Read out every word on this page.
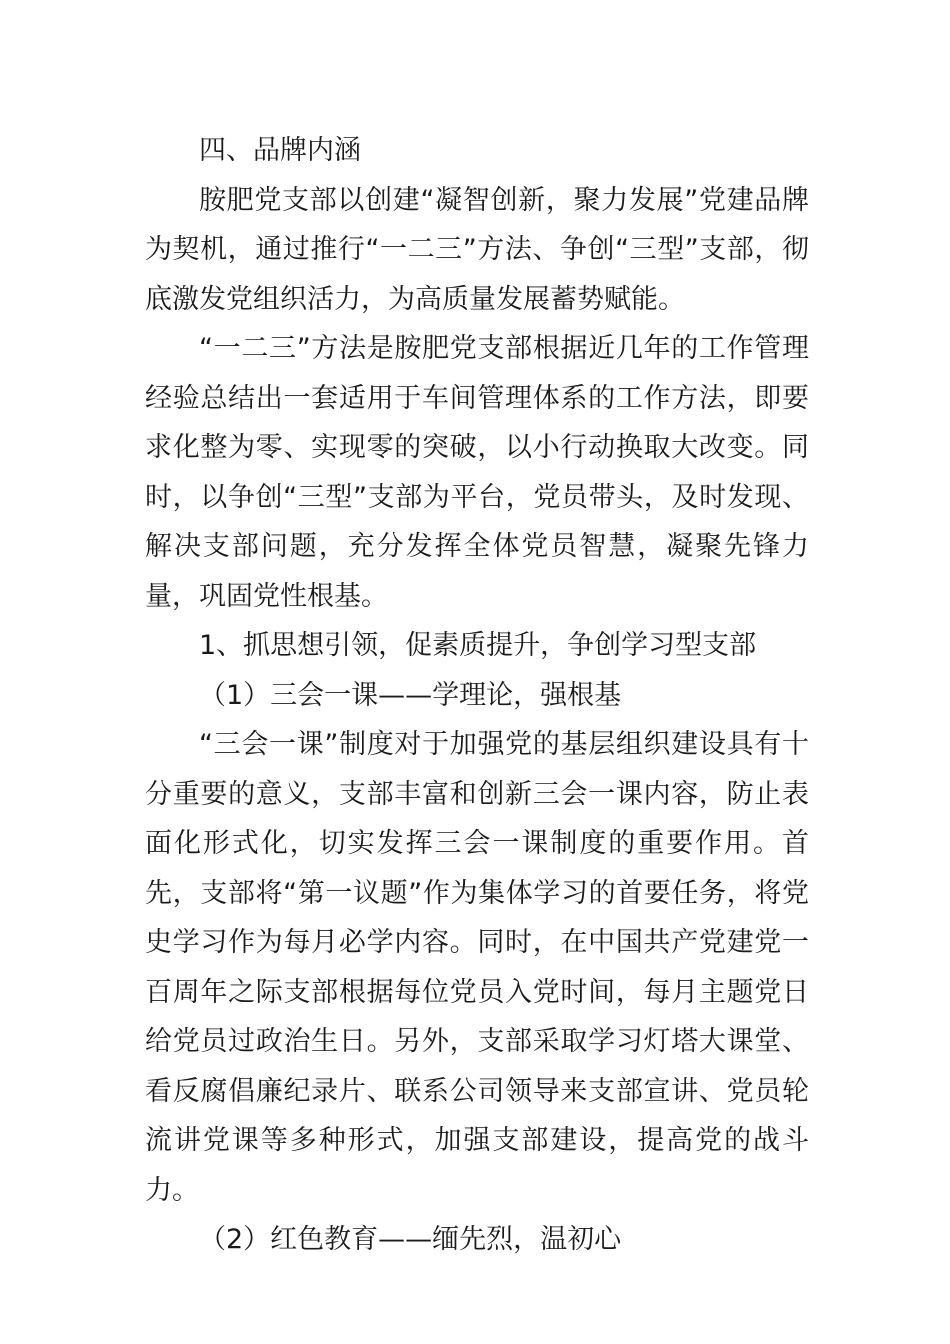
四、品牌内涵

胺肥党支部以创建“凝智创新，聚力发展”党建品牌为契机，通过推行“一二三”方法、争创“三型”支部，彻底激发党组织活力，为高质量发展蓄势赋能。

“一二三”方法是胺肥党支部根据近几年的工作管理经验总结出一套适用于车间管理体系的工作方法，即要求化整为零、实现零的突破，以小行动换取大改变。同时，以争创“三型”支部为平台，党员带头，及时发现、解决支部问题，充分发挥全体党员智慧，凝聚先锋力量，巩固党性根基。

1、抓思想引领，促素质提升，争创学习型支部

（1）三会一课——学理论，强根基

“三会一课”制度对于加强党的基层组织建设具有十分重要的意义，支部丰富和创新三会一课内容，防止表面化形式化，切实发挥三会一课制度的重要作用。首先，支部将“第一议题”作为集体学习的首要任务，将党史学习作为每月必学内容。同时，在中国共产党建党一百周年之际支部根据每位党员入党时间，每月主题党日给党员过政治生日。另外，支部采取学习灯塔大课堂、看反腐倡廉纪录片、联系公司领导来支部宣讲、党员轮流讲党课等多种形式，加强支部建设，提高党的战斗力。

（2）红色教育——缅先烈，温初心
